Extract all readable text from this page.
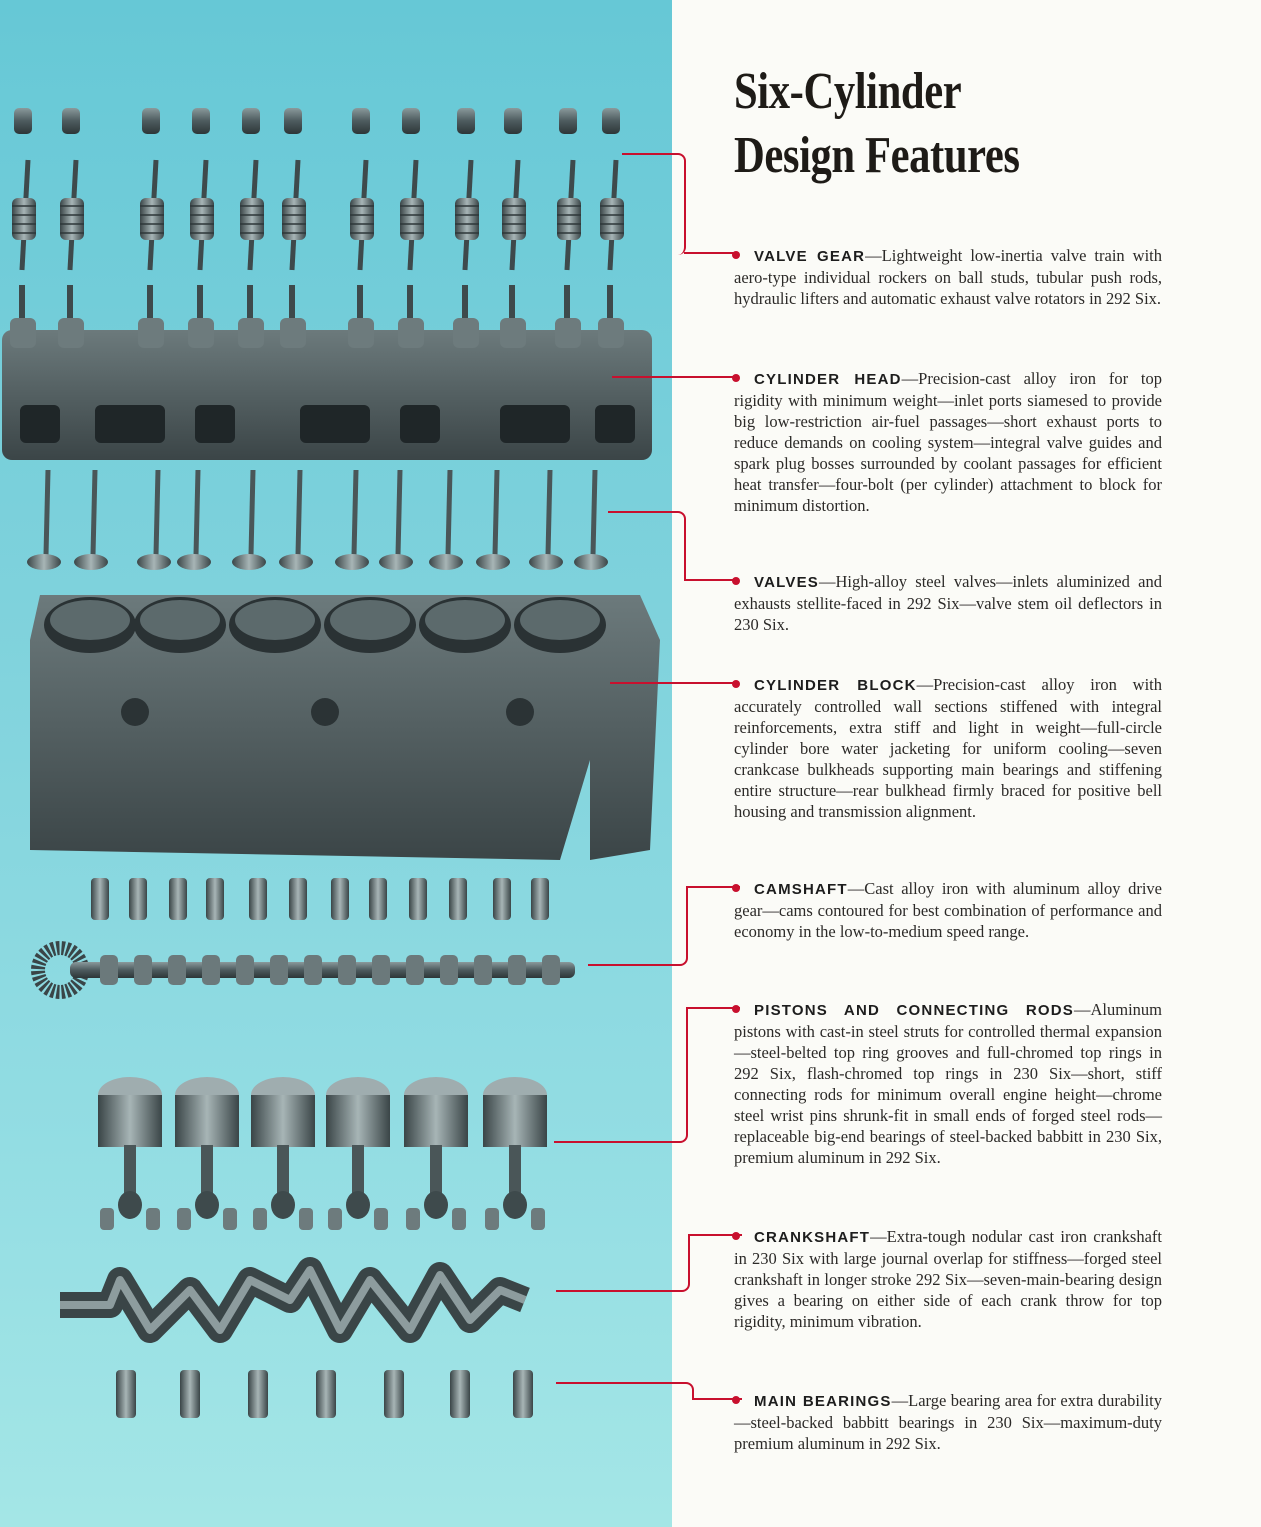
Six-Cylinder
Design Features
VALVE GEAR—Lightweight low-inertia valve train with aero-type individual rockers on ball studs, tubular push rods, hydraulic lifters and automatic exhaust valve rotators in 292 Six.
CYLINDER HEAD—Precision-cast alloy iron for top rigidity with minimum weight—inlet ports siamesed to provide big low-restriction air-fuel passages—short exhaust ports to reduce demands on cooling system—integral valve guides and spark plug bosses surrounded by coolant passages for efficient heat transfer—four-bolt (per cylinder) attachment to block for minimum distortion.
VALVES—High-alloy steel valves—inlets aluminized and exhausts stellite-faced in 292 Six—valve stem oil deflectors in 230 Six.
CYLINDER BLOCK—Precision-cast alloy iron with accurately controlled wall sections stiffened with integral reinforcements, extra stiff and light in weight—full-circle cylinder bore water jacketing for uniform cooling—seven crankcase bulkheads supporting main bearings and stiffening entire structure—rear bulkhead firmly braced for positive bell housing and transmission alignment.
CAMSHAFT—Cast alloy iron with aluminum alloy drive gear—cams contoured for best combination of performance and economy in the low-to-medium speed range.
PISTONS AND CONNECTING RODS—Aluminum pistons with cast-in steel struts for controlled thermal expansion—steel-belted top ring grooves and full-chromed top rings in 292 Six, flash-chromed top rings in 230 Six—short, stiff connecting rods for minimum overall engine height—chrome steel wrist pins shrunk-fit in small ends of forged steel rods—replaceable big-end bearings of steel-backed babbitt in 230 Six, premium aluminum in 292 Six.
CRANKSHAFT—Extra-tough nodular cast iron crankshaft in 230 Six with large journal overlap for stiffness—forged steel crankshaft in longer stroke 292 Six—seven-main-bearing design gives a bearing on either side of each crank throw for top rigidity, minimum vibration.
MAIN BEARINGS—Large bearing area for extra durability—steel-backed babbitt bearings in 230 Six—maximum-duty premium aluminum in 292 Six.
